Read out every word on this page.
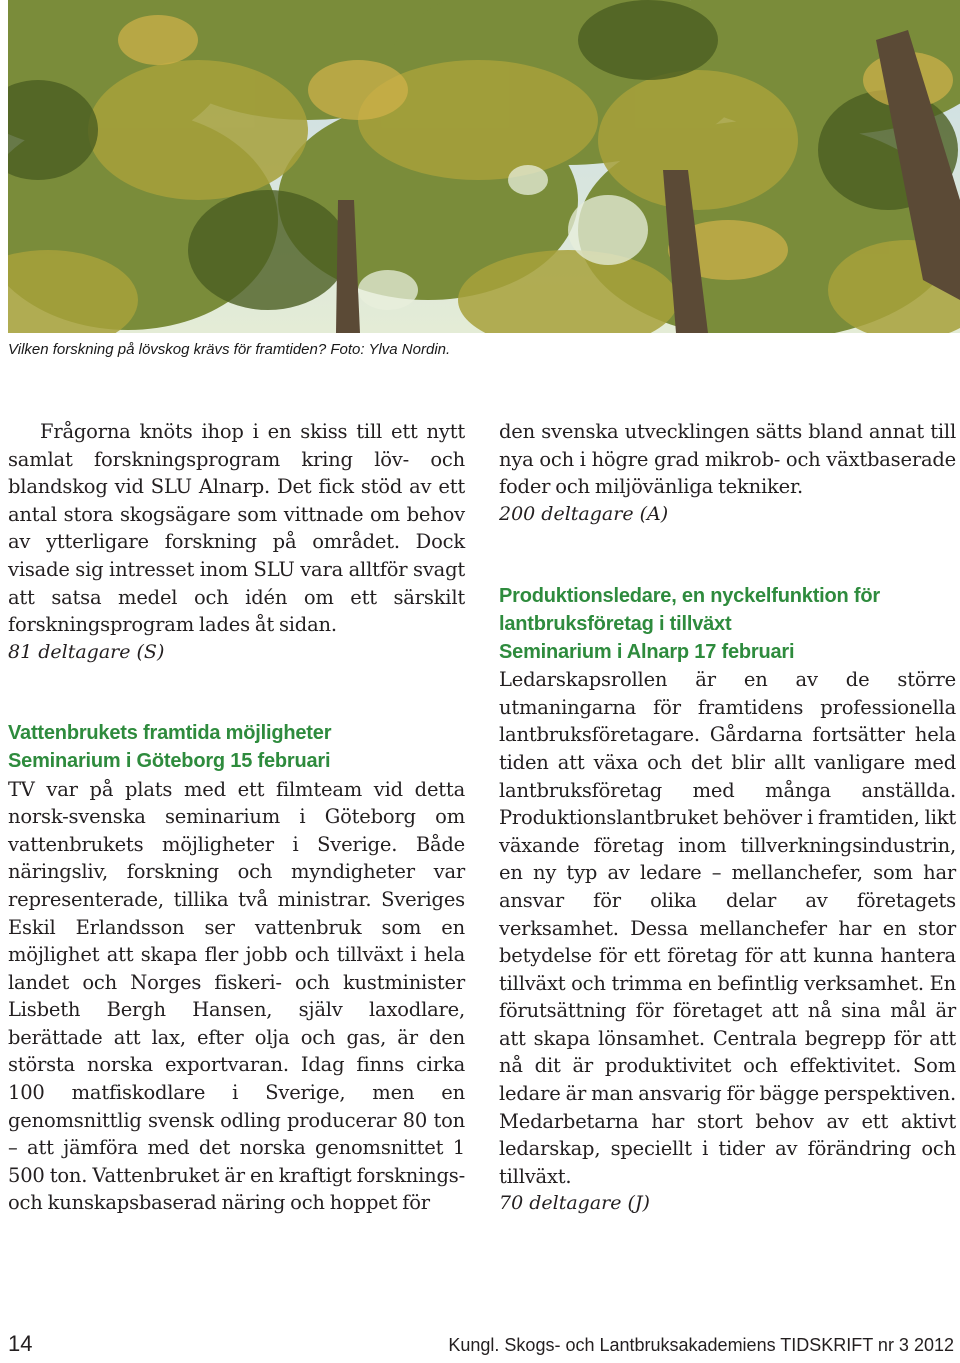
Vilken forskning på lövskog krävs för framtiden? Foto: Ylva Nordin.

Frågorna knöts ihop i en skiss till ett nytt samlat forskningsprogram kring löv- och blandskog vid SLU Alnarp. Det fick stöd av ett antal stora skogsägare som vittnade om behov av ytterligare forskning på området. Dock visade sig intresset inom SLU vara alltför svagt att satsa medel och idén om ett särskilt forskningsprogram lades åt sidan.

81 deltagare (S)

Vattenbrukets framtida möjligheter

Seminarium i Göteborg 15 februari

TV var på plats med ett filmteam vid detta norsk-svenska seminarium i Göteborg om vattenbrukets möjligheter i Sverige. Både näringsliv, forskning och myndigheter var representerade, tillika två ministrar. Sveriges Eskil Erlandsson ser vattenbruk som en möjlighet att skapa fler jobb och tillväxt i hela landet och Norges fiskeri- och kustminister Lisbeth Bergh Hansen, själv laxodlare, berättade att lax, efter olja och gas, är den största norska exportvaran. Idag finns cirka 100 matfiskodlare i Sverige, men en genomsnittlig svensk odling producerar 80 ton – att jämföra med det norska genomsnittet 1 500 ton. Vattenbruket är en kraftigt forsknings- och kunskapsbaserad näring och hoppet för

den svenska utvecklingen sätts bland annat till nya och i högre grad mikrob- och växtbaserade foder och miljövänliga tekniker.

200 deltagare (A)

Produktionsledare, en nyckelfunktion för lantbruksföretag i tillväxt

Seminarium i Alnarp 17 februari

Ledarskapsrollen är en av de större utmaningarna för framtidens professionella lantbruksföretagare. Gårdarna fortsätter hela tiden att växa och det blir allt vanligare med lantbruksföretag med många anställda. Produktionslantbruket behöver i framtiden, likt växande företag inom tillverkningsindustrin, en ny typ av ledare – mellanchefer, som har ansvar för olika delar av företagets verksamhet. Dessa mellanchefer har en stor betydelse för ett företag för att kunna hantera tillväxt och trimma en befintlig verksamhet. En förutsättning för företaget att nå sina mål är att skapa lönsamhet. Centrala begrepp för att nå dit är produktivitet och effektivitet. Som ledare är man ansvarig för bägge perspektiven. Medarbetarna har stort behov av ett aktivt ledarskap, speciellt i tider av förändring och tillväxt.

70 deltagare (J)

14	Kungl. Skogs- och Lantbruksakademiens TIDSKRIFT nr 3 2012
